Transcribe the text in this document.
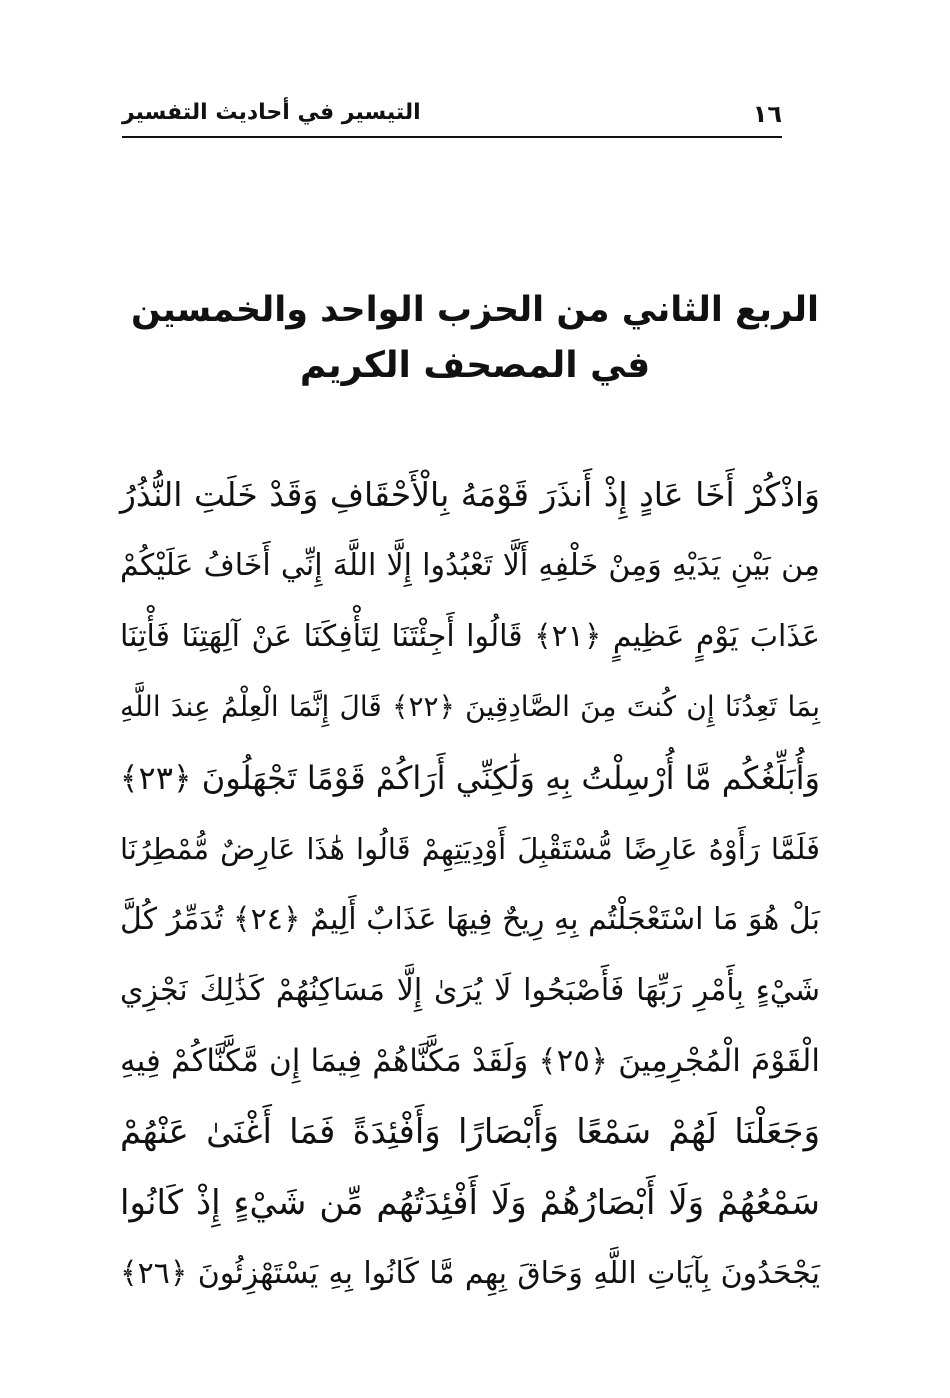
١٦
التيسير في أحاديث التفسير
الربع الثاني من الحزب الواحد والخمسين
في المصحف الكريم
وَاذْكُرْ أَخَا عَادٍ إِذْ أَنذَرَ قَوْمَهُ بِالْأَحْقَافِ وَقَدْ خَلَتِ النُّذُرُ
مِن بَيْنِ يَدَيْهِ وَمِنْ خَلْفِهِ أَلَّا تَعْبُدُوا إِلَّا اللَّهَ إِنِّي أَخَافُ عَلَيْكُمْ
عَذَابَ يَوْمٍ عَظِيمٍ ﴿٢١﴾ قَالُوا أَجِئْتَنَا لِتَأْفِكَنَا عَنْ آلِهَتِنَا فَأْتِنَا
بِمَا تَعِدُنَا إِن كُنتَ مِنَ الصَّادِقِينَ ﴿٢٢﴾ قَالَ إِنَّمَا الْعِلْمُ عِندَ اللَّهِ
وَأُبَلِّغُكُم مَّا أُرْسِلْتُ بِهِ وَلَٰكِنِّي أَرَاكُمْ قَوْمًا تَجْهَلُونَ ﴿٢٣﴾
فَلَمَّا رَأَوْهُ عَارِضًا مُّسْتَقْبِلَ أَوْدِيَتِهِمْ قَالُوا هَٰذَا عَارِضٌ مُّمْطِرُنَا
بَلْ هُوَ مَا اسْتَعْجَلْتُم بِهِ رِيحٌ فِيهَا عَذَابٌ أَلِيمٌ ﴿٢٤﴾ تُدَمِّرُ كُلَّ
شَيْءٍ بِأَمْرِ رَبِّهَا فَأَصْبَحُوا لَا يُرَىٰ إِلَّا مَسَاكِنُهُمْ كَذَٰلِكَ نَجْزِي
الْقَوْمَ الْمُجْرِمِينَ ﴿٢٥﴾ وَلَقَدْ مَكَّنَّاهُمْ فِيمَا إِن مَّكَّنَّاكُمْ فِيهِ
وَجَعَلْنَا لَهُمْ سَمْعًا وَأَبْصَارًا وَأَفْئِدَةً فَمَا أَغْنَىٰ عَنْهُمْ
سَمْعُهُمْ وَلَا أَبْصَارُهُمْ وَلَا أَفْئِدَتُهُم مِّن شَيْءٍ إِذْ كَانُوا
يَجْحَدُونَ بِآيَاتِ اللَّهِ وَحَاقَ بِهِم مَّا كَانُوا بِهِ يَسْتَهْزِئُونَ ﴿٢٦﴾
